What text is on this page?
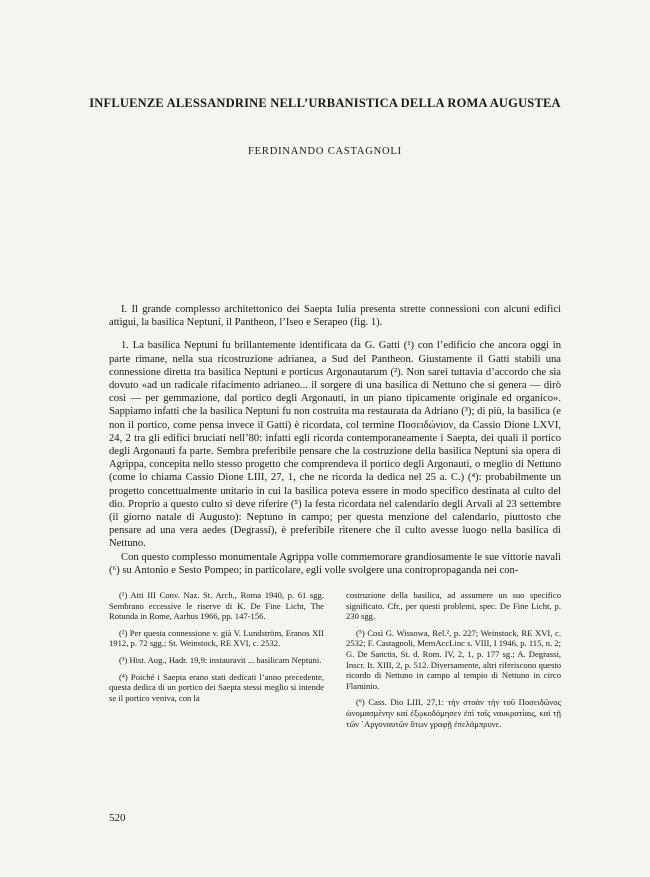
INFLUENZE ALESSANDRINE NELL’URBANISTICA DELLA ROMA AUGUSTEA
FERDINANDO CASTAGNOLI

I. Il grande complesso architettonico dei Saepta Iulia presenta strette connessioni con alcuni edifici attigui, la basilica Neptuni, il Pantheon, l’Iseo e Serapeo (fig. 1).

1. La basilica Neptuni fu brillantemente identificata da G. Gatti (¹) con l’edificio che ancora oggi in parte rimane, nella sua ricostruzione adrianea, a Sud del Pantheon. Giustamente il Gatti stabilì una connessione diretta tra basilica Neptuni e porticus Argonautarum (²). Non sarei tuttavia d’accordo che sia dovuto «ad un radicale rifacimento adrianeo... il sorgere di una basilica di Nettuno che si genera — dirò così — per gemmazione, dal portico degli Argonauti, in un piano tipicamente originale ed organico». Sappiamo infatti che la basilica Neptuni fu non costruita ma restaurata da Adriano (³); di più, la basilica (e non il portico, come pensa invece il Gatti) è ricordata, col termine Ποσειδώνιον, da Cassio Dione LXVI, 24, 2 tra gli edifici bruciati nell’80: infatti egli ricorda contemporaneamente i Saepta, dei quali il portico degli Argonauti fa parte. Sembra preferibile pensare che la costruzione della basilica Neptuni sia opera di Agrippa, concepita nello stesso progetto che comprendeva il portico degli Argonauti, o meglio di Nettuno (come lo chiama Cassio Dione LIII, 27, 1, che ne ricorda la dedica nel 25 a. C.) (⁴): probabilmente un progetto concettualmente unitario in cui la basilica poteva essere in modo specifico destinata al culto del dio. Proprio a questo culto si deve riferire (⁵) la festa ricordata nel calendario degli Arvali al 23 settembre (il giorno natale di Augusto): Neptuno in campo; per questa menzione del calendario, piuttosto che pensare ad una vera aedes (Degrassi), è preferibile ritenere che il culto avesse luogo nella basilica di Nettuno.

Con questo complesso monumentale Agrippa volle commemorare grandiosamente le sue vittorie navali (⁶) su Antonio e Sesto Pompeo; in particolare, egli volle svolgere una contropropaganda nei con-

(¹) Atti III Conv. Naz. St. Arch., Roma 1940, p. 61 sgg. Sembrano eccessive le riserve di K. De Fine Licht, The Rotunda in Rome, Aarhus 1966, pp. 147-156.

(²) Per questa connessione v. già V. Lundström, Eranos XII 1912, p. 72 sgg.; St. Weinstock, RE XVI, c. 2532.

(³) Hist. Aug., Hadr. 19,9: instauravit ... basilicam Neptuni.

(⁴) Poiché i Saepta erano stati dedicati l’anno precedente, questa dedica di un portico dei Saepta stessi meglio si intende se il portico veniva, con la

costruzione della basilica, ad assumere un suo specifico significato. Cfr., per questi problemi, spec. De Fine Licht, p. 230 sgg.

(⁵) Così G. Wissowa, Rel.², p. 227; Weinstock, RE XVI, c. 2532; F. Castagnoli, MemAccLinc s. VIII, I 1946, p. 115, n. 2; G. De Sanctis, St. d. Rom. IV, 2, 1, p. 177 sg.; A. Degrassi, Inscr. It. XIII, 2, p. 512. Diversamente, altri riferiscono questo ricordo di Nettuno in campo al tempio di Nettuno in circo Flaminio.

(⁶) Cass. Dio LIII, 27,1: τὴν στοὰν τὴν τοῦ Ποσειδῶνος ὠνομασμένην καὶ ἐξῳκοδόμησεν ἐπὶ ταῖς ναυκρατίαις, καὶ τῇ τῶν ᾿Αργοναυτῶν ὄτων γραφῇ ἐπελάμπρυνε.

520
